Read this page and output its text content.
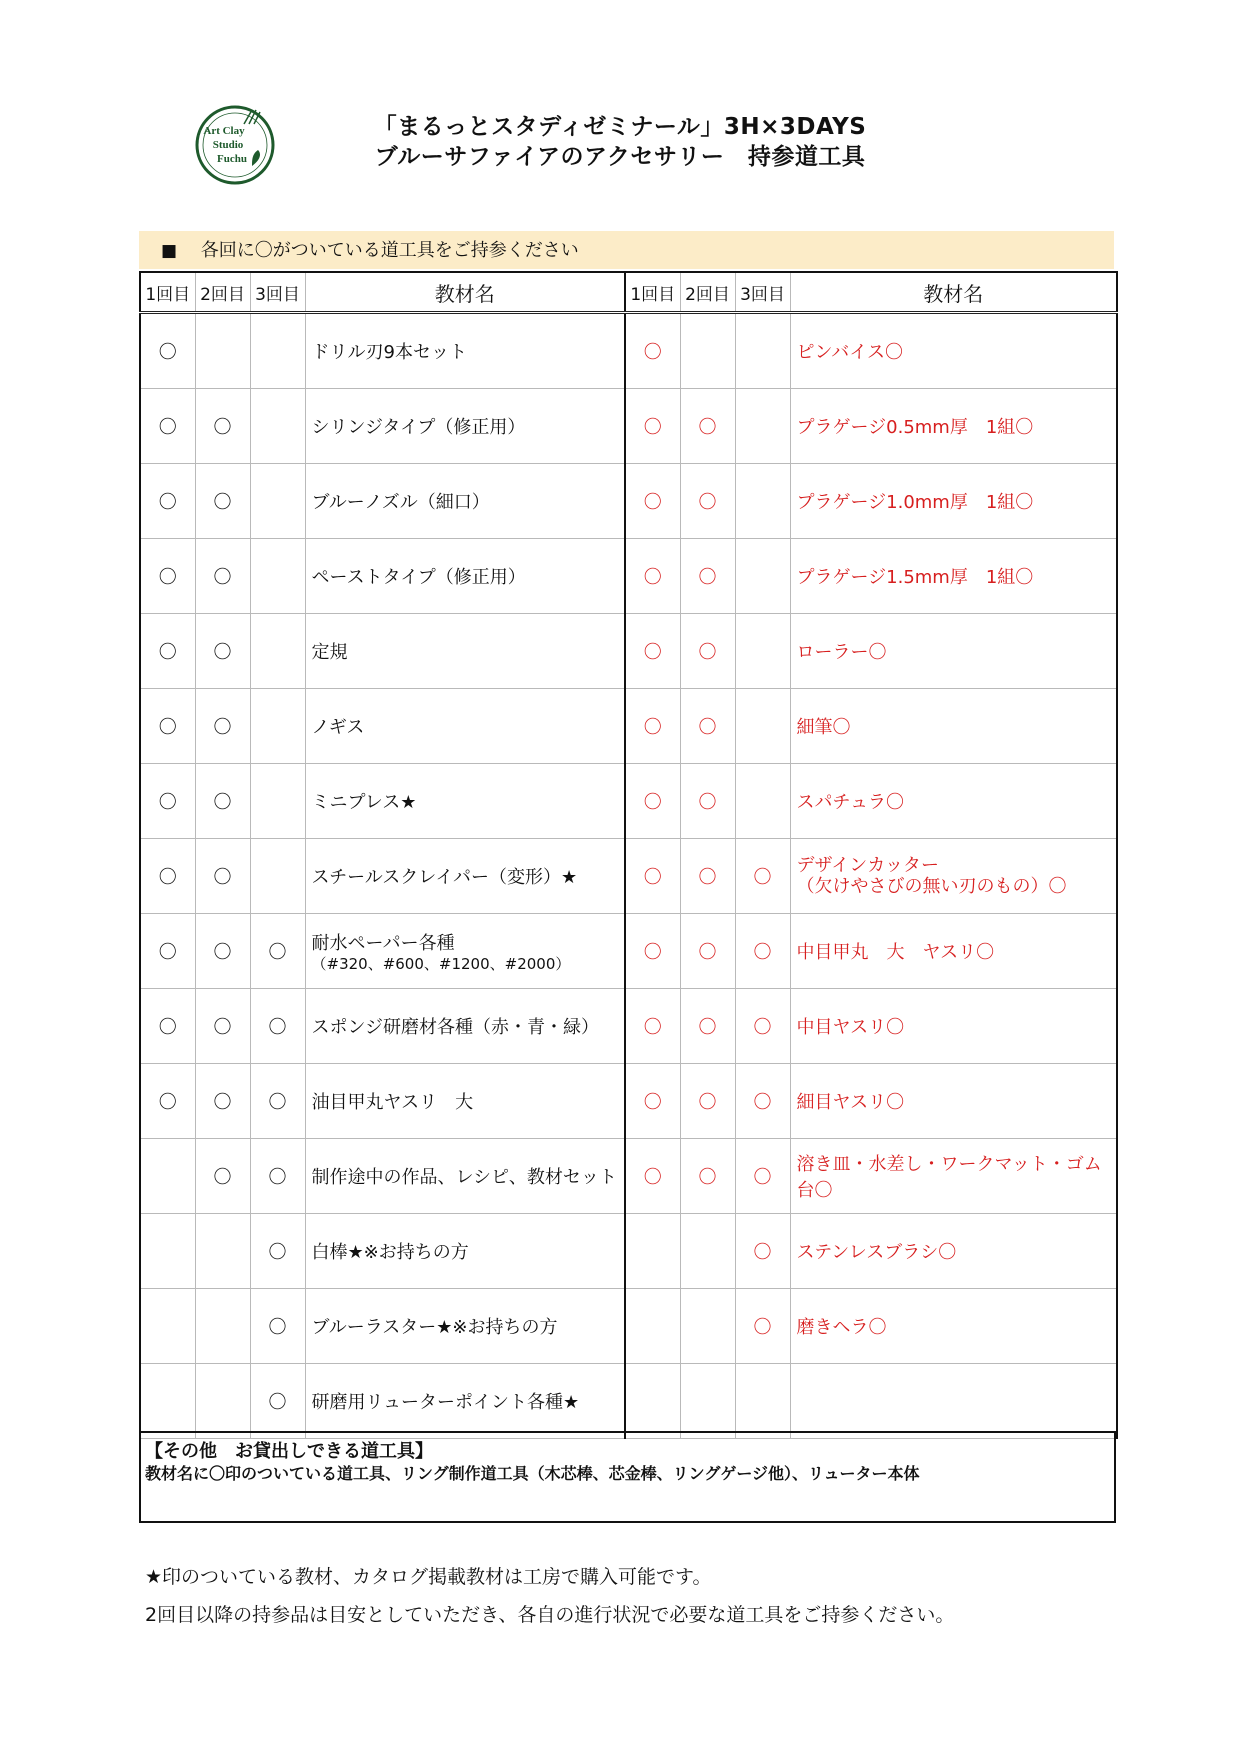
Art Clay
Studio
Fuchu
「まるっとスタディゼミナール」3H×3DAYS
ブルーサファイアのアクセサリー　持参道工具
■ 各回に〇がついている道工具をご持参ください
1回目	2回目	3回目	教材名	1回目	2回目	3回目	教材名
〇			ドリル刃9本セット	〇			ピンバイス〇
〇	〇		シリンジタイプ（修正用）	〇	〇		プラゲージ0.5mm厚　1組〇
〇	〇		ブルーノズル（細口）	〇	〇		プラゲージ1.0mm厚　1組〇
〇	〇		ペーストタイプ（修正用）	〇	〇		プラゲージ1.5mm厚　1組〇
〇	〇		定規	〇	〇		ローラー〇
〇	〇		ノギス	〇	〇		細筆〇
〇	〇		ミニプレス★	〇	〇		スパチュラ〇
〇	〇		スチールスクレイパー（変形）★	〇	〇	〇	デザインカッター
（欠けやさびの無い刃のもの）〇

〇	〇	〇	耐水ペーパー各種
（#320、#600、#1200、#2000）	〇	〇	〇	中目甲丸　大　ヤスリ〇
〇	〇	〇	スポンジ研磨材各種（赤・青・緑）	〇	〇	〇	中目ヤスリ〇
〇	〇	〇	油目甲丸ヤスリ　大	〇	〇	〇	細目ヤスリ〇
	〇	〇	制作途中の作品、レシピ、教材セット	〇	〇	〇	溶き皿・水差し・ワークマット・ゴム台〇
		〇	白棒★※お持ちの方			〇	ステンレスブラシ〇
		〇	ブルーラスター★※お持ちの方			〇	磨きヘラ〇
		〇	研磨用リューターポイント各種★				
【その他　お貸出しできる道工具】
教材名に〇印のついている道工具、リング制作道工具（木芯棒、芯金棒、リングゲージ他）、リューター本体
★印のついている教材、カタログ掲載教材は工房で購入可能です。
2回目以降の持参品は目安としていただき、各自の進行状況で必要な道工具をご持参ください。
